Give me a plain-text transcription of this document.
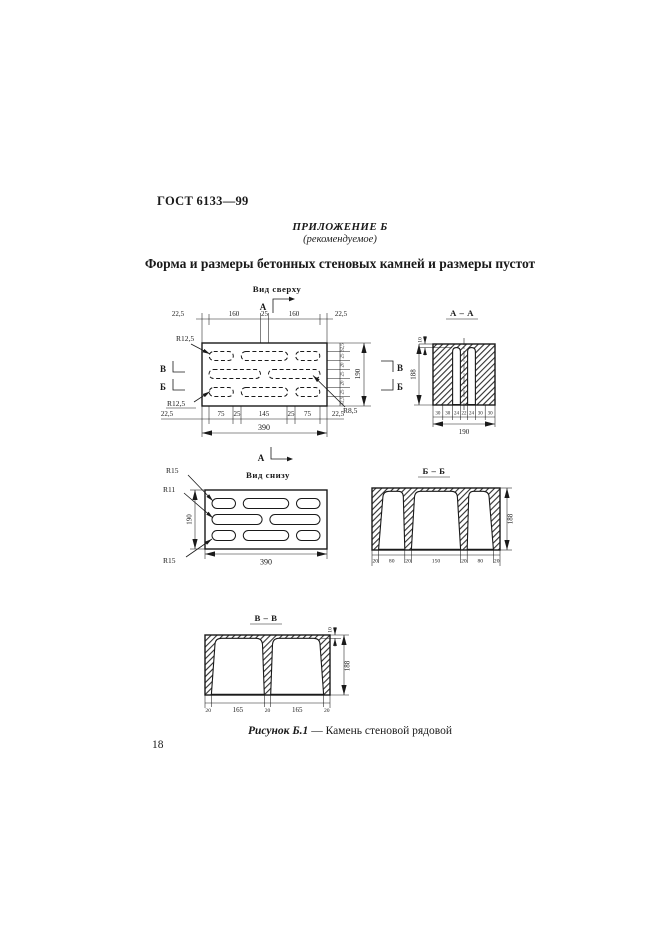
ГОСТ 6133—99
ПРИЛОЖЕНИЕ Б
(рекомендуемое)
Форма и размеры бетонных стеновых камней и размеры пустот
Вид сверху
А
22,5	160	25	160	22,5
R12,5
R12,5
R8,5
В
Б
В
Б
32,5
25
20
25
20
25
32,5
190
22,5	75 25	145	25 75	22,5
390
А
А – А
10
188
30 30 24 22 24 30 30
190
Вид снизу
R15
R11
R15
190
390
Б – Б
188
20 80 20	150	20 80 20
В – В
10
188
20	165	20	165	20
Рисунок Б.1 — Камень стеновой рядовой
18
